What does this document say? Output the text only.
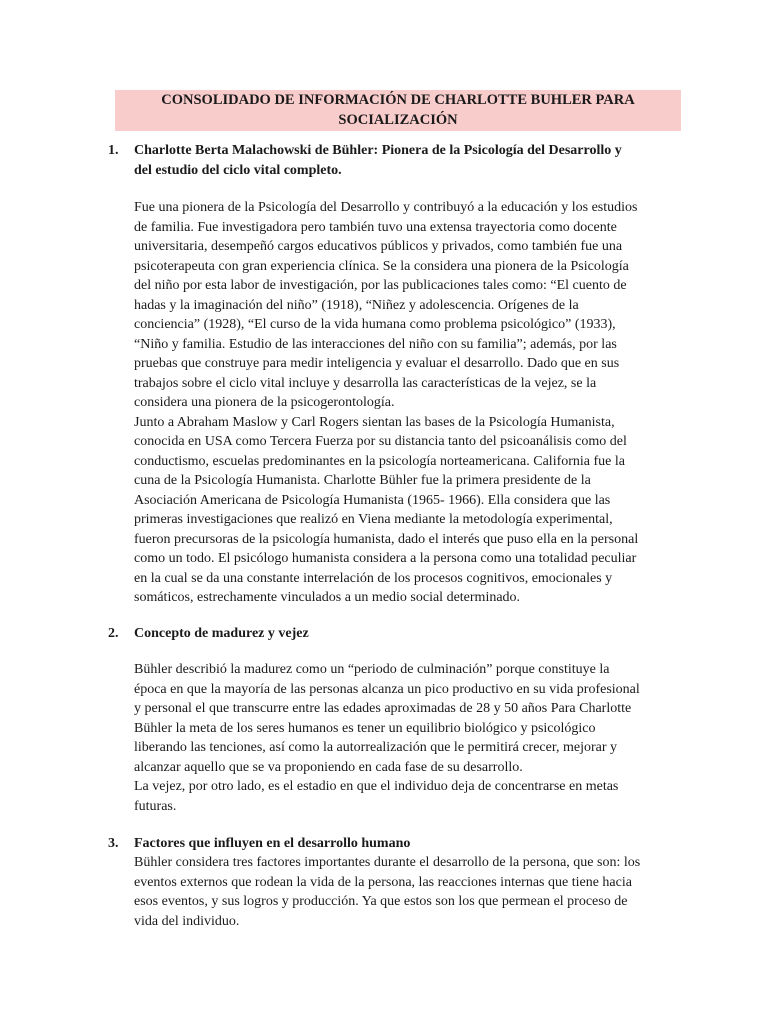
CONSOLIDADO DE INFORMACIÓN DE CHARLOTTE BUHLER PARA
SOCIALIZACIÓN
1. Charlotte Berta Malachowski de Bühler: Pionera de la Psicología del Desarrollo y
del estudio del ciclo vital completo.
Fue una pionera de la Psicología del Desarrollo y contribuyó a la educación y los estudios
de familia. Fue investigadora pero también tuvo una extensa trayectoria como docente
universitaria, desempeñó cargos educativos públicos y privados, como también fue una
psicoterapeuta con gran experiencia clínica. Se la considera una pionera de la Psicología
del niño por esta labor de investigación, por las publicaciones tales como: “El cuento de
hadas y la imaginación del niño” (1918), “Niñez y adolescencia. Orígenes de la
conciencia” (1928), “El curso de la vida humana como problema psicológico” (1933),
“Niño y familia. Estudio de las interacciones del niño con su familia”; además, por las
pruebas que construye para medir inteligencia y evaluar el desarrollo. Dado que en sus
trabajos sobre el ciclo vital incluye y desarrolla las características de la vejez, se la
considera una pionera de la psicogerontología.
Junto a Abraham Maslow y Carl Rogers sientan las bases de la Psicología Humanista,
conocida en USA como Tercera Fuerza por su distancia tanto del psicoanálisis como del
conductismo, escuelas predominantes en la psicología norteamericana. California fue la
cuna de la Psicología Humanista. Charlotte Bühler fue la primera presidente de la
Asociación Americana de Psicología Humanista (1965- 1966). Ella considera que las
primeras investigaciones que realizó en Viena mediante la metodología experimental,
fueron precursoras de la psicología humanista, dado el interés que puso ella en la personal
como un todo. El psicólogo humanista considera a la persona como una totalidad peculiar
en la cual se da una constante interrelación de los procesos cognitivos, emocionales y
somáticos, estrechamente vinculados a un medio social determinado.
2. Concepto de madurez y vejez
Bühler describió la madurez como un “periodo de culminación” porque constituye la
época en que la mayoría de las personas alcanza un pico productivo en su vida profesional
y personal el que transcurre entre las edades aproximadas de 28 y 50 años Para Charlotte
Bühler la meta de los seres humanos es tener un equilibrio biológico y psicológico
liberando las tenciones, así como la autorrealización que le permitirá crecer, mejorar y
alcanzar aquello que se va proponiendo en cada fase de su desarrollo.
La vejez, por otro lado, es el estadio en que el individuo deja de concentrarse en metas
futuras.
3. Factores que influyen en el desarrollo humano
Bühler considera tres factores importantes durante el desarrollo de la persona, que son: los
eventos externos que rodean la vida de la persona, las reacciones internas que tiene hacia
esos eventos, y sus logros y producción. Ya que estos son los que permean el proceso de
vida del individuo.
